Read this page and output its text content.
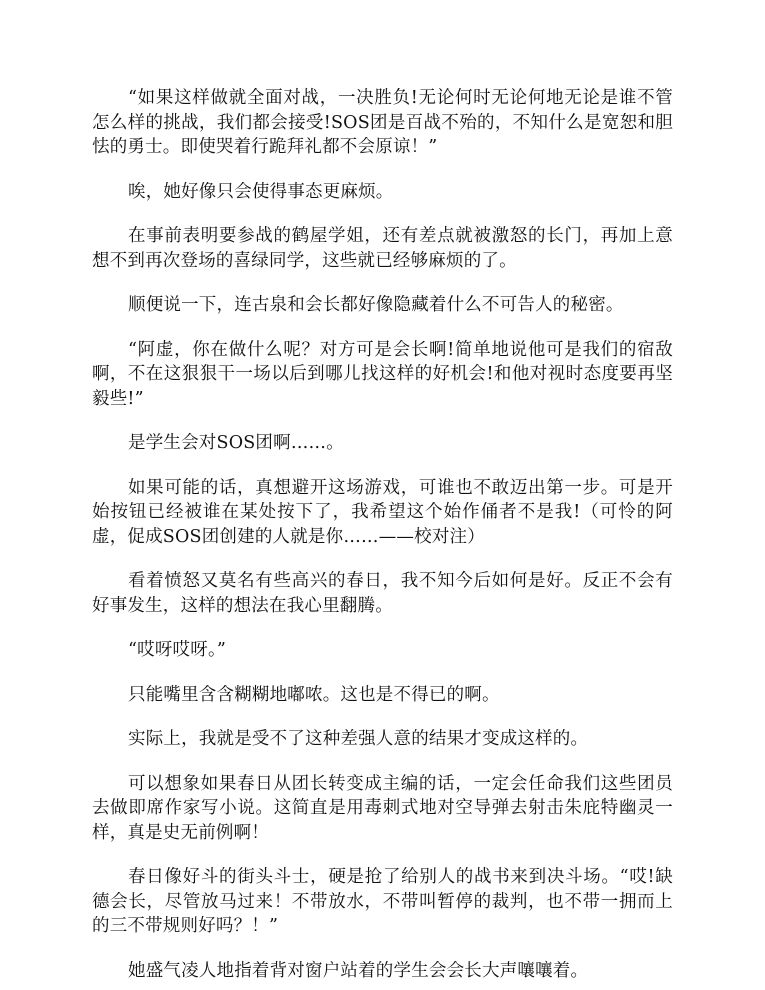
“如果这样做就全面对战，一决胜负!无论何时无论何地无论是谁不管怎么样的挑战，我们都会接受!SOS团是百战不殆的，不知什么是宽恕和胆怯的勇士。即使哭着行跪拜礼都不会原谅！”

唉，她好像只会使得事态更麻烦。

在事前表明要参战的鹤屋学姐，还有差点就被激怒的长门，再加上意想不到再次登场的喜绿同学，这些就已经够麻烦的了。

顺便说一下，连古泉和会长都好像隐藏着什么不可告人的秘密。

“阿虚，你在做什么呢？对方可是会长啊!简单地说他可是我们的宿敌啊，不在这狠狠干一场以后到哪儿找这样的好机会!和他对视时态度要再坚毅些!”

是学生会对SOS团啊……。

如果可能的话，真想避开这场游戏，可谁也不敢迈出第一步。可是开始按钮已经被谁在某处按下了，我希望这个始作俑者不是我!（可怜的阿虚，促成SOS团创建的人就是你……——校对注）

看着愤怒又莫名有些高兴的春日，我不知今后如何是好。反正不会有好事发生，这样的想法在我心里翻腾。

“哎呀哎呀。”

只能嘴里含含糊糊地嘟哝。这也是不得已的啊。

实际上，我就是受不了这种差强人意的结果才变成这样的。

可以想象如果春日从团长转变成主编的话，一定会任命我们这些团员去做即席作家写小说。这简直是用毒刺式地对空导弹去射击朱庇特幽灵一样，真是史无前例啊！

春日像好斗的街头斗士，硬是抢了给别人的战书来到决斗场。“哎!缺德会长，尽管放马过来！不带放水，不带叫暂停的裁判，也不带一拥而上的三不带规则好吗？！”

她盛气凌人地指着背对窗户站着的学生会会长大声嚷嚷着。
